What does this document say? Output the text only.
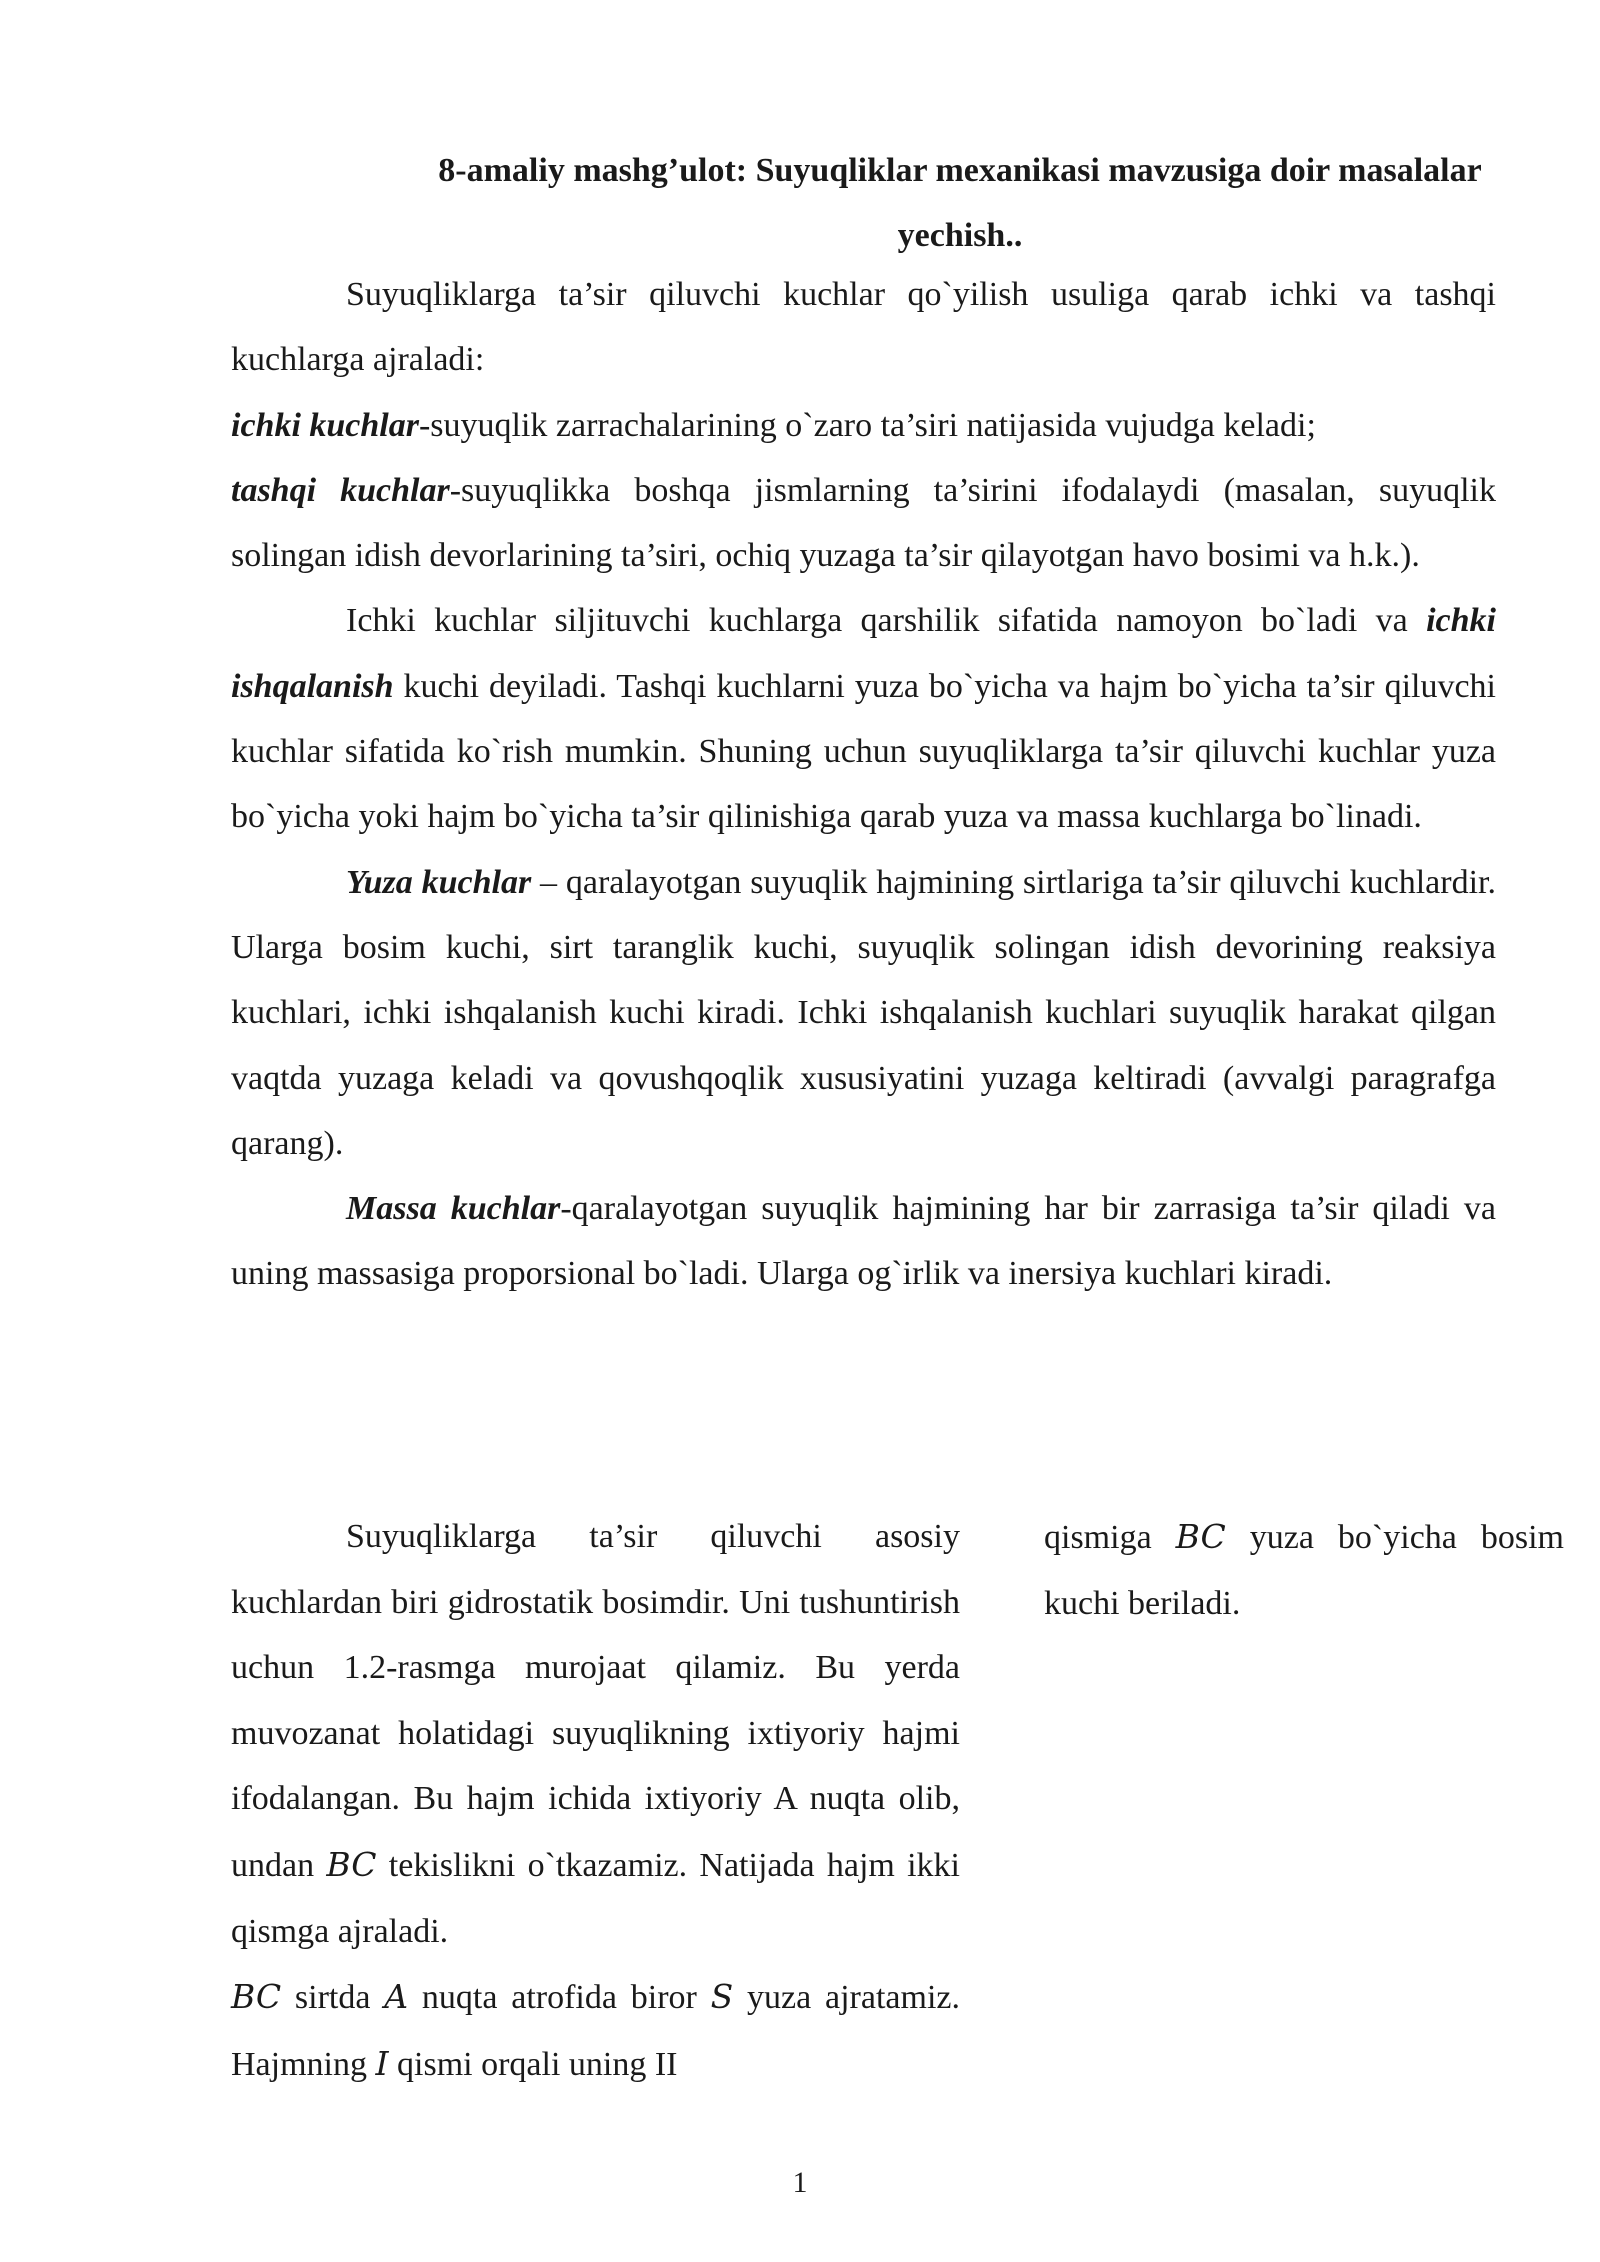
8-amaliy mashg’ulot: Suyuqliklar mexanikasi mavzusiga doir masalalar
yechish..

Suyuqliklarga ta’sir qiluvchi kuchlar qo`yilish usuliga qarab ichki va tashqi kuchlarga ajraladi:

ichki kuchlar-suyuqlik zarrachalarining o`zaro ta’siri natijasida vujudga keladi;

tashqi kuchlar-suyuqlikka boshqa jismlarning ta’sirini ifodalaydi (masalan, suyuqlik solingan idish devorlarining ta’siri, ochiq yuzaga ta’sir qilayotgan havo bosimi va h.k.).

Ichki kuchlar siljituvchi kuchlarga qarshilik sifatida namoyon bo`ladi va ichki ishqalanish kuchi deyiladi. Tashqi kuchlarni yuza bo`yicha va hajm bo`yicha ta’sir qiluvchi kuchlar sifatida ko`rish mumkin. Shuning uchun suyuqliklarga ta’sir qiluvchi kuchlar yuza bo`yicha yoki hajm bo`yicha ta’sir qilinishiga qarab yuza va massa kuchlarga bo`linadi.

Yuza kuchlar – qaralayotgan suyuqlik hajmining sirtlariga ta’sir qiluvchi kuchlardir. Ularga bosim kuchi, sirt taranglik kuchi, suyuqlik solingan idish devorining reaksiya kuchlari, ichki ishqalanish kuchi kiradi. Ichki ishqalanish kuchlari suyuqlik harakat qilgan vaqtda yuzaga keladi va qovushqoqlik xususiyatini yuzaga keltiradi (avvalgi paragrafga qarang).

Massa kuchlar-qaralayotgan suyuqlik hajmining har bir zarrasiga ta’sir qiladi va uning massasiga proporsional bo`ladi. Ularga og`irlik va inersiya kuchlari kiradi.

Suyuqliklarga ta’sir qiluvchi asosiy kuchlardan biri gidrostatik bosimdir. Uni tushuntirish uchun 1.2-rasmga murojaat qilamiz. Bu yerda muvozanat holatidagi suyuqlikning ixtiyoriy hajmi ifodalangan. Bu hajm ichida ixtiyoriy A nuqta olib, undan BC tekislikni o`tkazamiz. Natijada hajm ikki qismga ajraladi.

BC sirtda A nuqta atrofida biror S yuza ajratamiz. Hajmning I qismi orqali uning II

qismiga BC yuza bo`yicha bosim kuchi beriladi.

1
